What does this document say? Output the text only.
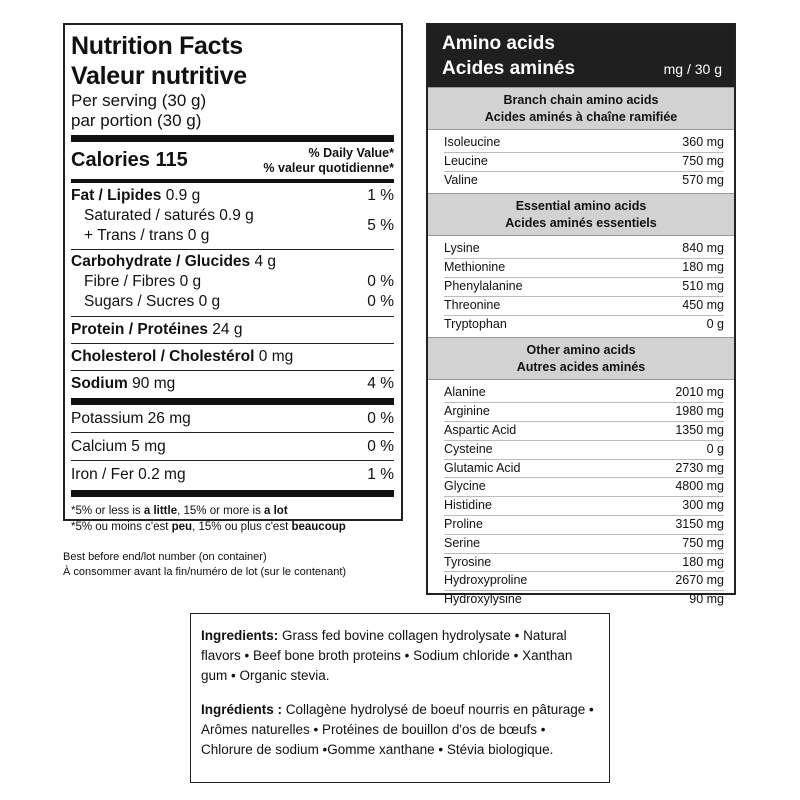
Nutrition Facts
Valeur nutritive
Per serving (30 g)
par portion (30 g)
Calories 115	% Daily Value*
% valeur quotidienne*
Fat / Lipides 0.9 g	1 %
Saturated / saturés 0.9 g
+ Trans / trans 0 g
5 %
Carbohydrate / Glucides 4 g
Fibre / Fibres 0 g	0 %
Sugars / Sucres 0 g	0 %
Protein / Protéines 24 g
Cholesterol / Cholestérol 0 mg
Sodium 90 mg	4 %
Potassium 26 mg	0 %
Calcium 5 mg	0 %
Iron / Fer 0.2 mg	1 %
*5% or less is a little, 15% or more is a lot
*5% ou moins c'est peu, 15% ou plus c'est beaucoup
Amino acids
Acides aminés	mg / 30 g
Branch chain amino acids
Acides aminés à chaîne ramifiée
Isoleucine	360 mg
Leucine	750 mg
Valine	570 mg
Essential amino acids
Acides aminés essentiels
Lysine	840 mg
Methionine	180 mg
Phenylalanine	510 mg
Threonine	450 mg
Tryptophan	0 g
Other amino acids
Autres acides aminés
Alanine	2010 mg
Arginine	1980 mg
Aspartic Acid	1350 mg
Cysteine	0 g
Glutamic Acid	2730 mg
Glycine	4800 mg
Histidine	300 mg
Proline	3150 mg
Serine	750 mg
Tyrosine	180 mg
Hydroxyproline	2670 mg
Hydroxylysine	90 mg
Best before end/lot number (on container)
À consommer avant la fin/numéro de lot (sur le contenant)

Ingredients: Grass fed bovine collagen hydrolysate • Natural flavors • Beef bone broth proteins • Sodium chloride • Xanthan gum • Organic stevia.

Ingrédients : Collagène hydrolysé de boeuf nourris en pâturage • Arômes naturelles • Protéines de bouillon d'os de bœufs • Chlorure de sodium •Gomme xanthane • Stévia biologique.
